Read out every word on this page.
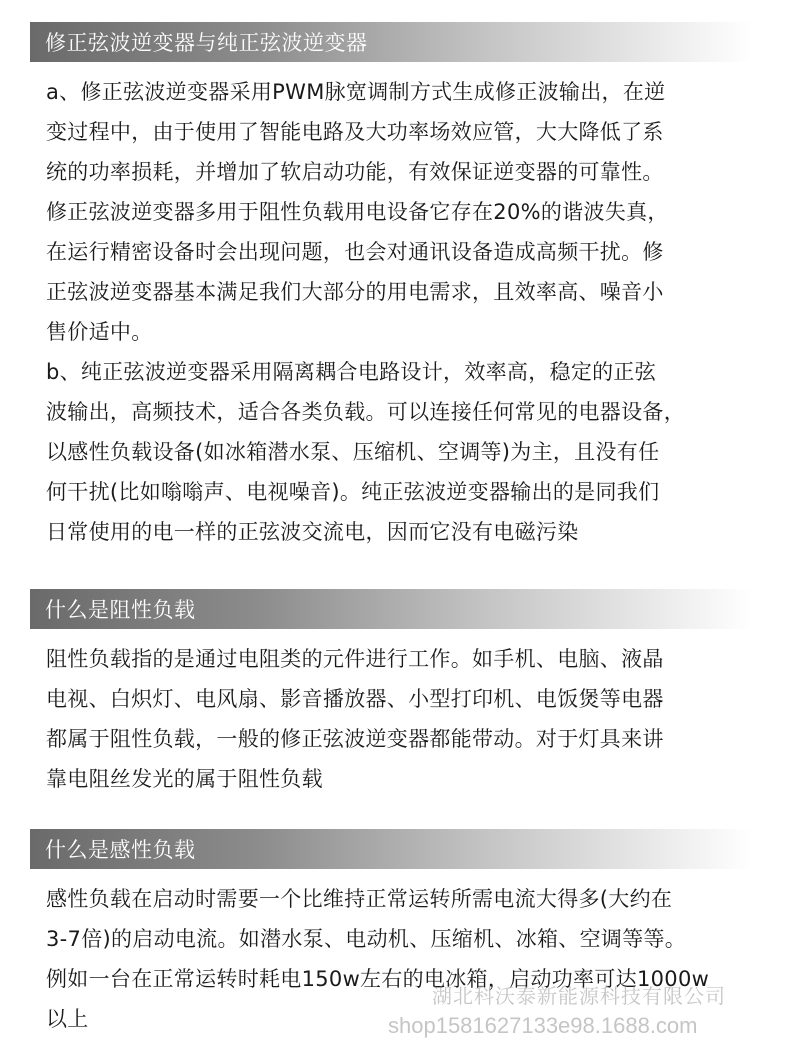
修正弦波逆变器与纯正弦波逆变器
a、修正弦波逆变器采用PWM脉宽调制方式生成修正波输出，在逆
变过程中，由于使用了智能电路及大功率场效应管，大大降低了系
统的功率损耗，并增加了软启动功能，有效保证逆变器的可靠性。
修正弦波逆变器多用于阻性负载用电设备它存在20%的谐波失真，
在运行精密设备时会出现问题，也会对通讯设备造成高频干扰。修
正弦波逆变器基本满足我们大部分的用电需求，且效率高、噪音小
售价适中。
b、纯正弦波逆变器采用隔离耦合电路设计，效率高，稳定的正弦
波输出，高频技术，适合各类负载。可以连接任何常见的电器设备，
以感性负载设备(如冰箱潜水泵、压缩机、空调等)为主，且没有任
何干扰(比如嗡嗡声、电视噪音)。纯正弦波逆变器输出的是同我们
日常使用的电一样的正弦波交流电，因而它没有电磁污染
什么是阻性负载
阻性负载指的是通过电阻类的元件进行工作。如手机、电脑、液晶
电视、白炽灯、电风扇、影音播放器、小型打印机、电饭煲等电器
都属于阻性负载，一般的修正弦波逆变器都能带动。对于灯具来讲
靠电阻丝发光的属于阻性负载
什么是感性负载
感性负载在启动时需要一个比维持正常运转所需电流大得多(大约在
3-7倍)的启动电流。如潜水泵、电动机、压缩机、冰箱、空调等等。
例如一台在正常运转时耗电150w左右的电冰箱，启动功率可达1000w
以上
湖北科沃泰新能源科技有限公司
shop1581627133e98.1688.com
